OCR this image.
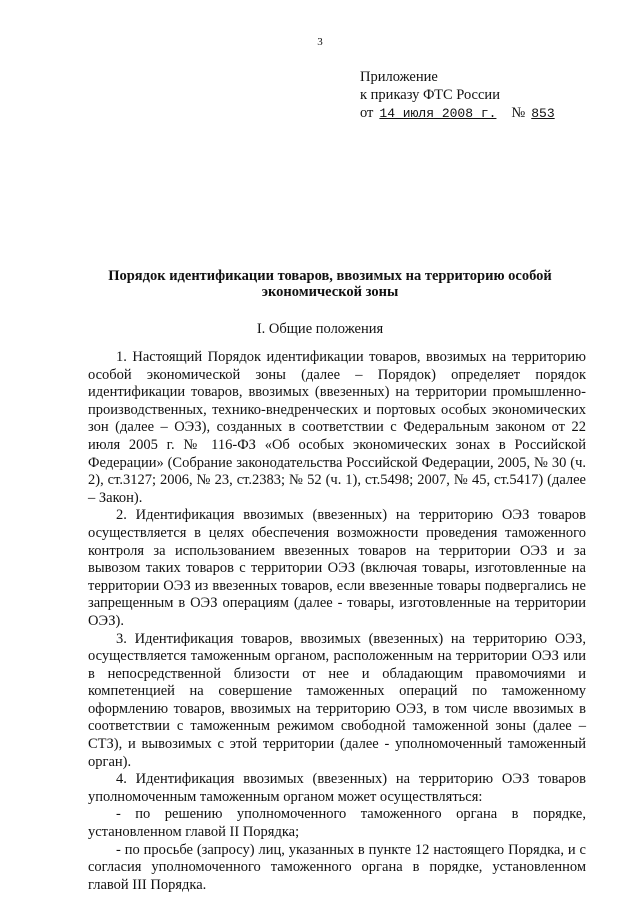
3
Приложение
к приказу ФТС России
от 14 июля 2008 г. № 853
Порядок идентификации товаров, ввозимых на территорию особой
экономической зоны
I. Общие положения

1. Настоящий Порядок идентификации товаров, ввозимых на территорию особой экономической зоны (далее – Порядок) определяет порядок идентификации товаров, ввозимых (ввезенных) на территории промышленно-производственных, технико-внедренческих и портовых особых экономических зон (далее – ОЭЗ), созданных в соответствии с Федеральным законом от 22 июля 2005 г. № 116-ФЗ «Об особых экономических зонах в Российской Федерации» (Собрание законодательства Российской Федерации, 2005, № 30 (ч. 2), ст.3127; 2006, № 23, ст.2383; № 52 (ч. 1), ст.5498; 2007, № 45, ст.5417) (далее – Закон).

2. Идентификация ввозимых (ввезенных) на территорию ОЭЗ товаров осуществляется в целях обеспечения возможности проведения таможенного контроля за использованием ввезенных товаров на территории ОЭЗ и за вывозом таких товаров с территории ОЭЗ (включая товары, изготовленные на территории ОЭЗ из ввезенных товаров, если ввезенные товары подвергались не запрещенным в ОЭЗ операциям (далее - товары, изготовленные на территории ОЭЗ).

3. Идентификация товаров, ввозимых (ввезенных) на территорию ОЭЗ, осуществляется таможенным органом, расположенным на территории ОЭЗ или в непосредственной близости от нее и обладающим правомочиями и компетенцией на совершение таможенных операций по таможенному оформлению товаров, ввозимых на территорию ОЭЗ, в том числе ввозимых в соответствии с таможенным режимом свободной таможенной зоны (далее – СТЗ), и вывозимых с этой территории (далее - уполномоченный таможенный орган).

4. Идентификация ввозимых (ввезенных) на территорию ОЭЗ товаров уполномоченным таможенным органом может осуществляться:

- по решению уполномоченного таможенного органа в порядке, установленном главой II Порядка;

- по просьбе (запросу) лиц, указанных в пункте 12 настоящего Порядка, и с согласия уполномоченного таможенного органа в порядке, установленном главой III Порядка.
